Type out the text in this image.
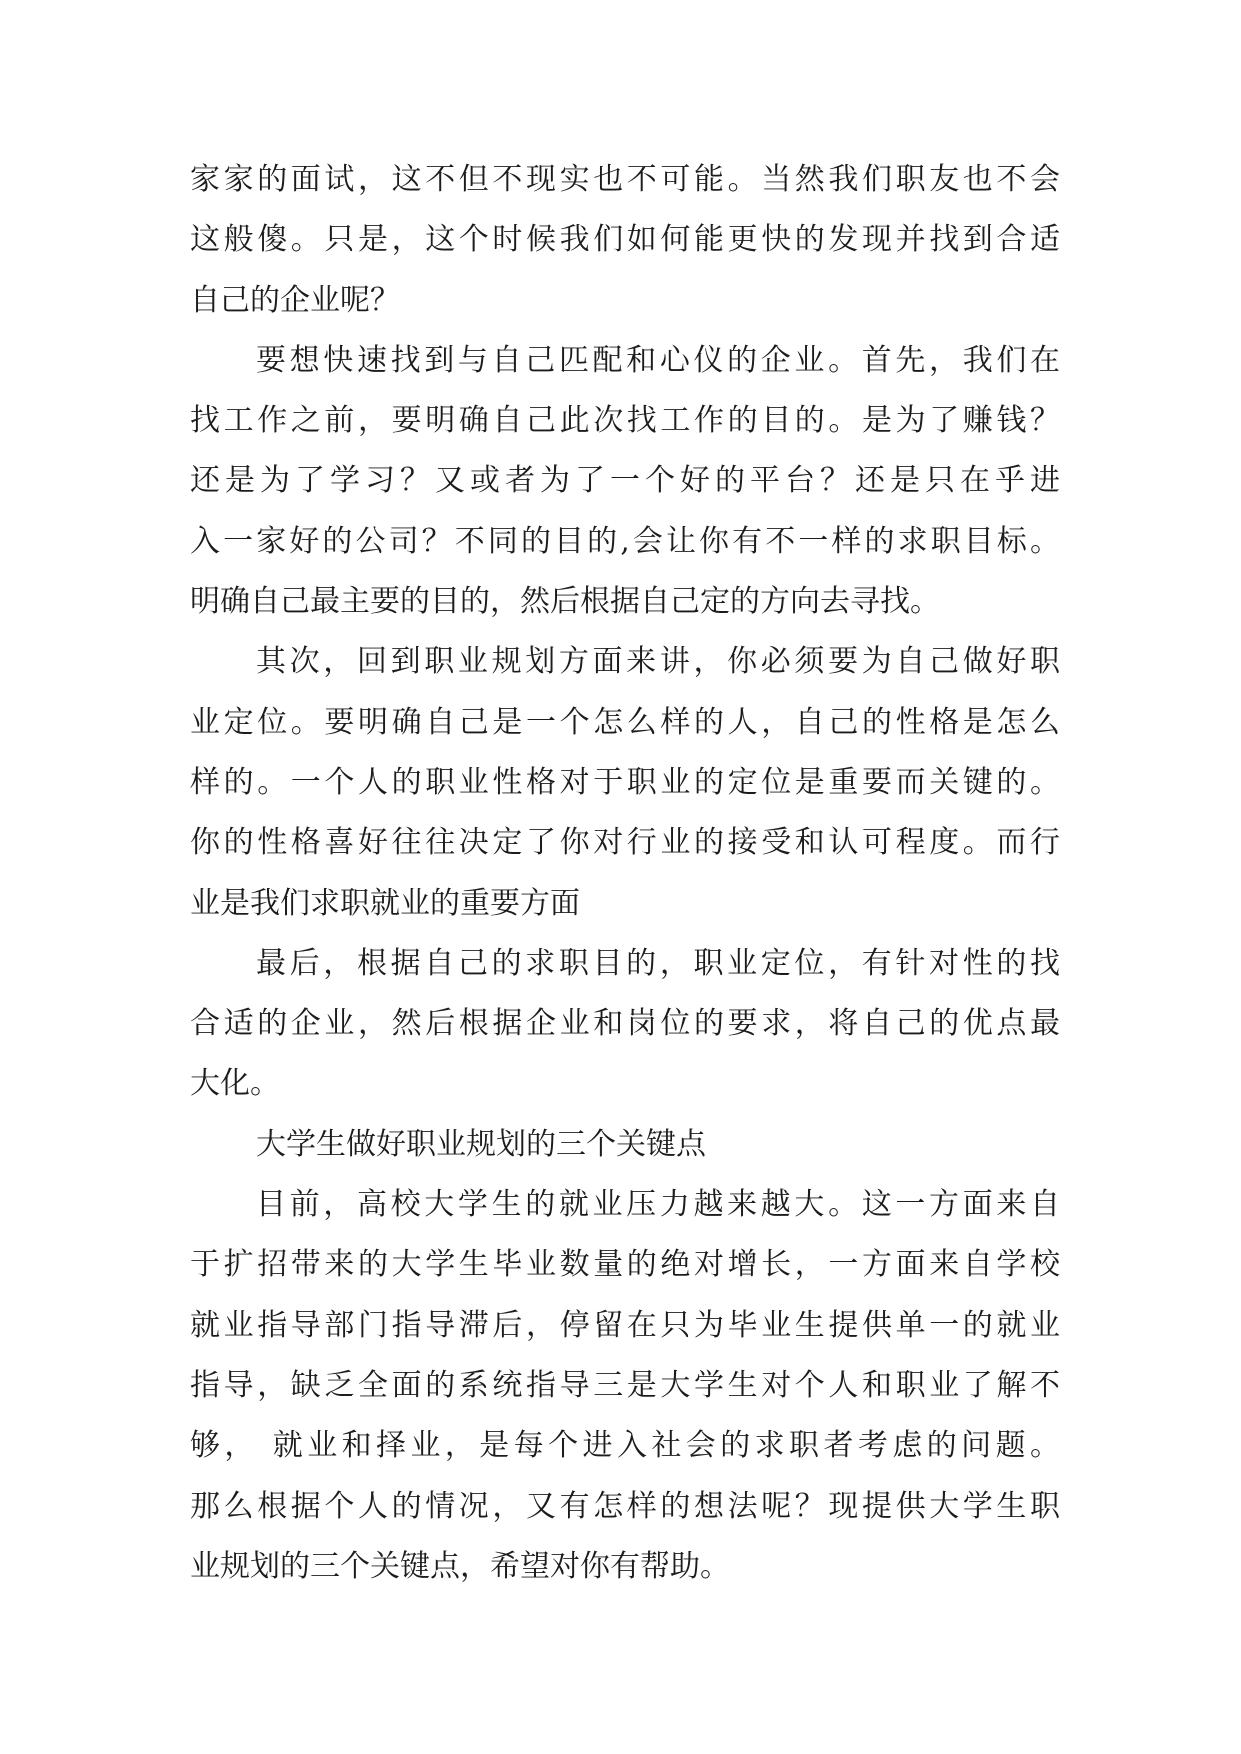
家家的面试，这不但不现实也不可能。当然我们职友也不会
这般傻。只是，这个时候我们如何能更快的发现并找到合适
自己的企业呢？
要想快速找到与自己匹配和心仪的企业。首先，我们在
找工作之前，要明确自己此次找工作的目的。是为了赚钱？
还是为了学习？又或者为了一个好的平台？还是只在乎进
入一家好的公司？不同的目的,会让你有不一样的求职目标。
明确自己最主要的目的，然后根据自己定的方向去寻找。
其次，回到职业规划方面来讲，你必须要为自己做好职
业定位。要明确自己是一个怎么样的人，自己的性格是怎么
样的。一个人的职业性格对于职业的定位是重要而关键的。
你的性格喜好往往决定了你对行业的接受和认可程度。而行
业是我们求职就业的重要方面
最后，根据自己的求职目的，职业定位，有针对性的找
合适的企业，然后根据企业和岗位的要求，将自己的优点最
大化。
大学生做好职业规划的三个关键点
目前，高校大学生的就业压力越来越大。这一方面来自
于扩招带来的大学生毕业数量的绝对增长，一方面来自学校
就业指导部门指导滞后，停留在只为毕业生提供单一的就业
指导，缺乏全面的系统指导三是大学生对个人和职业了解不
够， 就业和择业，是每个进入社会的求职者考虑的问题。
那么根据个人的情况，又有怎样的想法呢？现提供大学生职
业规划的三个关键点，希望对你有帮助。
